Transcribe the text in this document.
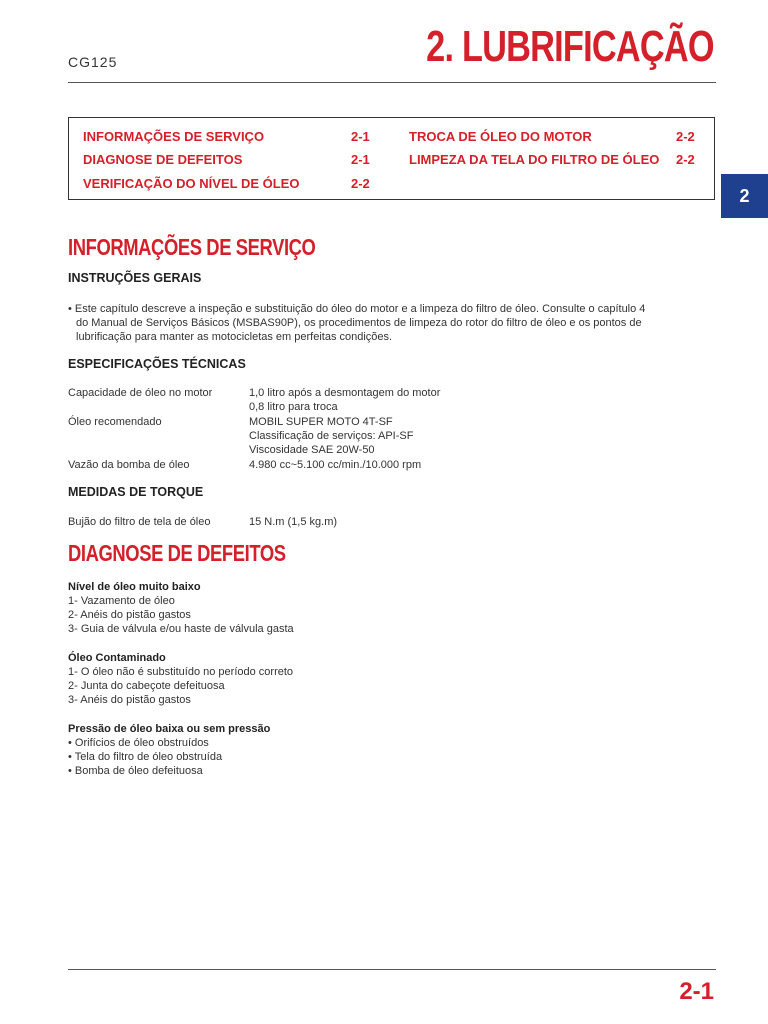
CG125	2. LUBRIFICAÇÃO
INFORMAÇÕES DE SERVIÇO	2-1
DIAGNOSE DE DEFEITOS	2-1
VERIFICAÇÃO DO NÍVEL DE ÓLEO	2-2
TROCA DE ÓLEO DO MOTOR	2-2
LIMPEZA DA TELA DO FILTRO DE ÓLEO 2-2
2
INFORMAÇÕES DE SERVIÇO
INSTRUÇÕES GERAIS
• Este capítulo descreve a inspeção e substituição do óleo do motor e a limpeza do filtro de óleo. Consulte o capítulo 4
do Manual de Serviços Básicos (MSBAS90P), os procedimentos de limpeza do rotor do filtro de óleo e os pontos de
lubrificação para manter as motocicletas em perfeitas condições.
ESPECIFICAÇÕES TÉCNICAS
Capacidade de óleo no motor	1,0 litro após a desmontagem do motor
0,8 litro para troca
Óleo recomendado	MOBIL SUPER MOTO 4T-SF
Classificação de serviços: API-SF
Viscosidade SAE 20W-50
Vazão da bomba de óleo	4.980 cc~5.100 cc/min./10.000 rpm
MEDIDAS DE TORQUE
Bujão do filtro de tela de óleo	15 N.m (1,5 kg.m)
DIAGNOSE DE DEFEITOS
Nível de óleo muito baixo
1- Vazamento de óleo
2- Anéis do pistão gastos
3- Guia de válvula e/ou haste de válvula gasta
Óleo Contaminado
1- O óleo não é substituído no período correto
2- Junta do cabeçote defeituosa
3- Anéis do pistão gastos
Pressão de óleo baixa ou sem pressão
• Orifícios de óleo obstruídos
• Tela do filtro de óleo obstruída
• Bomba de óleo defeituosa
2-1
